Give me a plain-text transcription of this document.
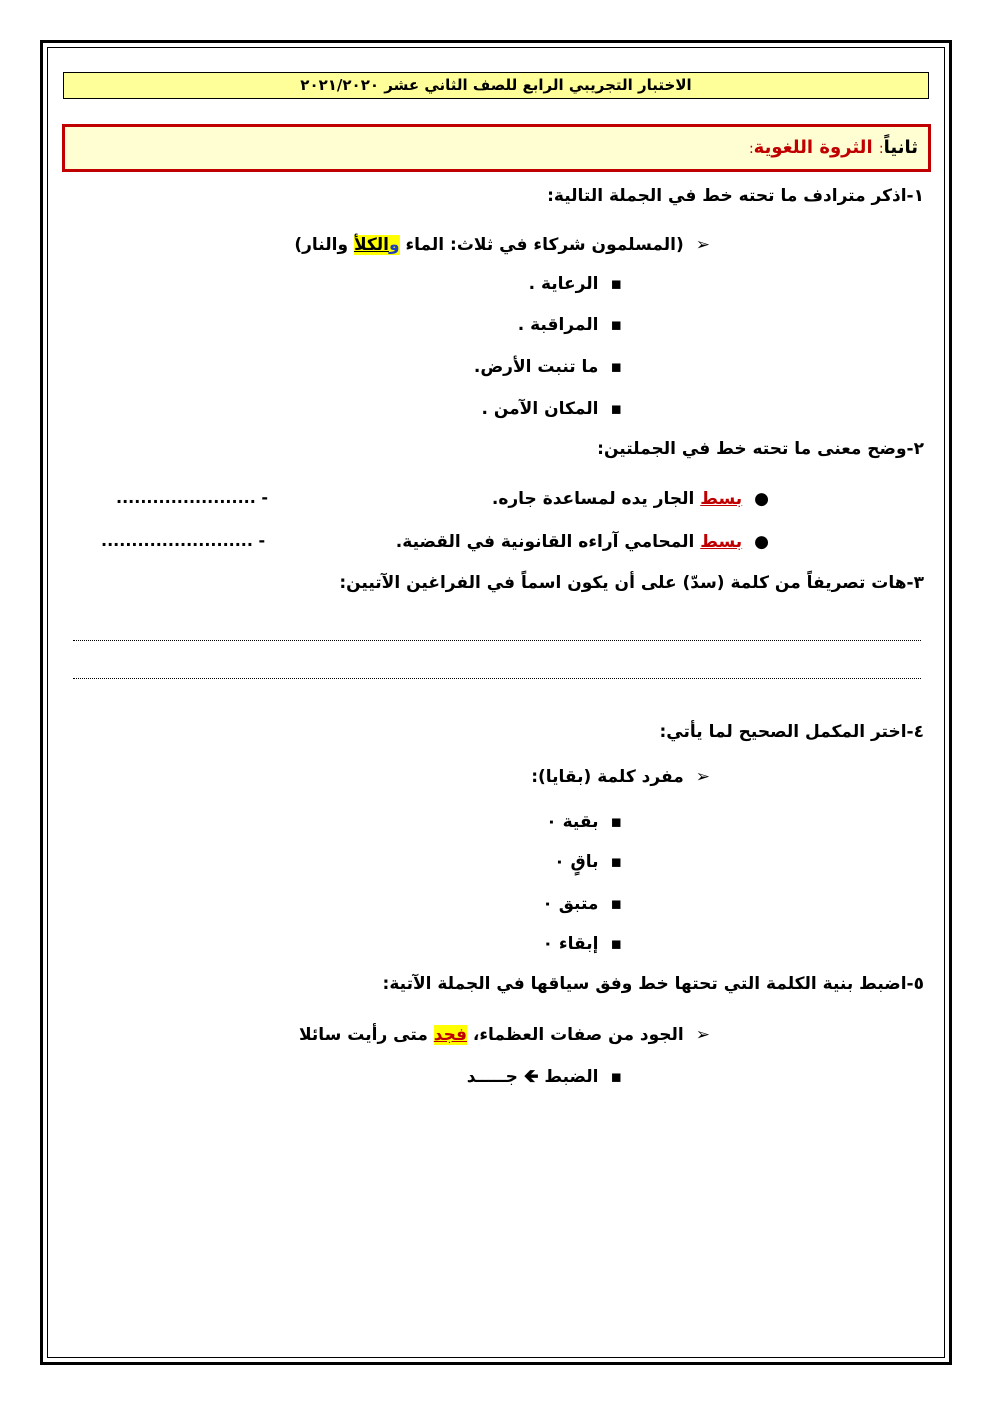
الاختبار التجريبي الرابع للصف الثاني عشر ٢٠٢١/٢٠٢٠
ثانياً: الثروة اللغوية:
١-اذكر مترادف ما تحته خط في الجملة التالية:
➢(المسلمون شركاء في ثلاث: الماء والكلأ والنار)
▪الرعاية .
▪المراقبة .
▪ما تنبت الأرض.
▪المكان الآمن .
٢-وضح معنى ما تحته خط في الجملتين:
●بسط الجار يده لمساعدة جاره.
- .......................
●بسط المحامي آراءه القانونية في القضية.
- .........................
٣-هات تصريفاً من كلمة (سدّ) على أن يكون اسماً في الفراغين الآتيين:
٤-اختر المكمل الصحيح لما يأتي:
➢مفرد كلمة (بقايا):
▪بقية ٠
▪باقٍ ٠
▪متبق ٠
▪إبقاء ٠
٥-اضبط بنية الكلمة التي تحتها خط وفق سياقها في الجملة الآتية:
➢الجود من صفات العظماء، فجد متى رأيت سائلا
▪الضبط 🡸 جـــــد
